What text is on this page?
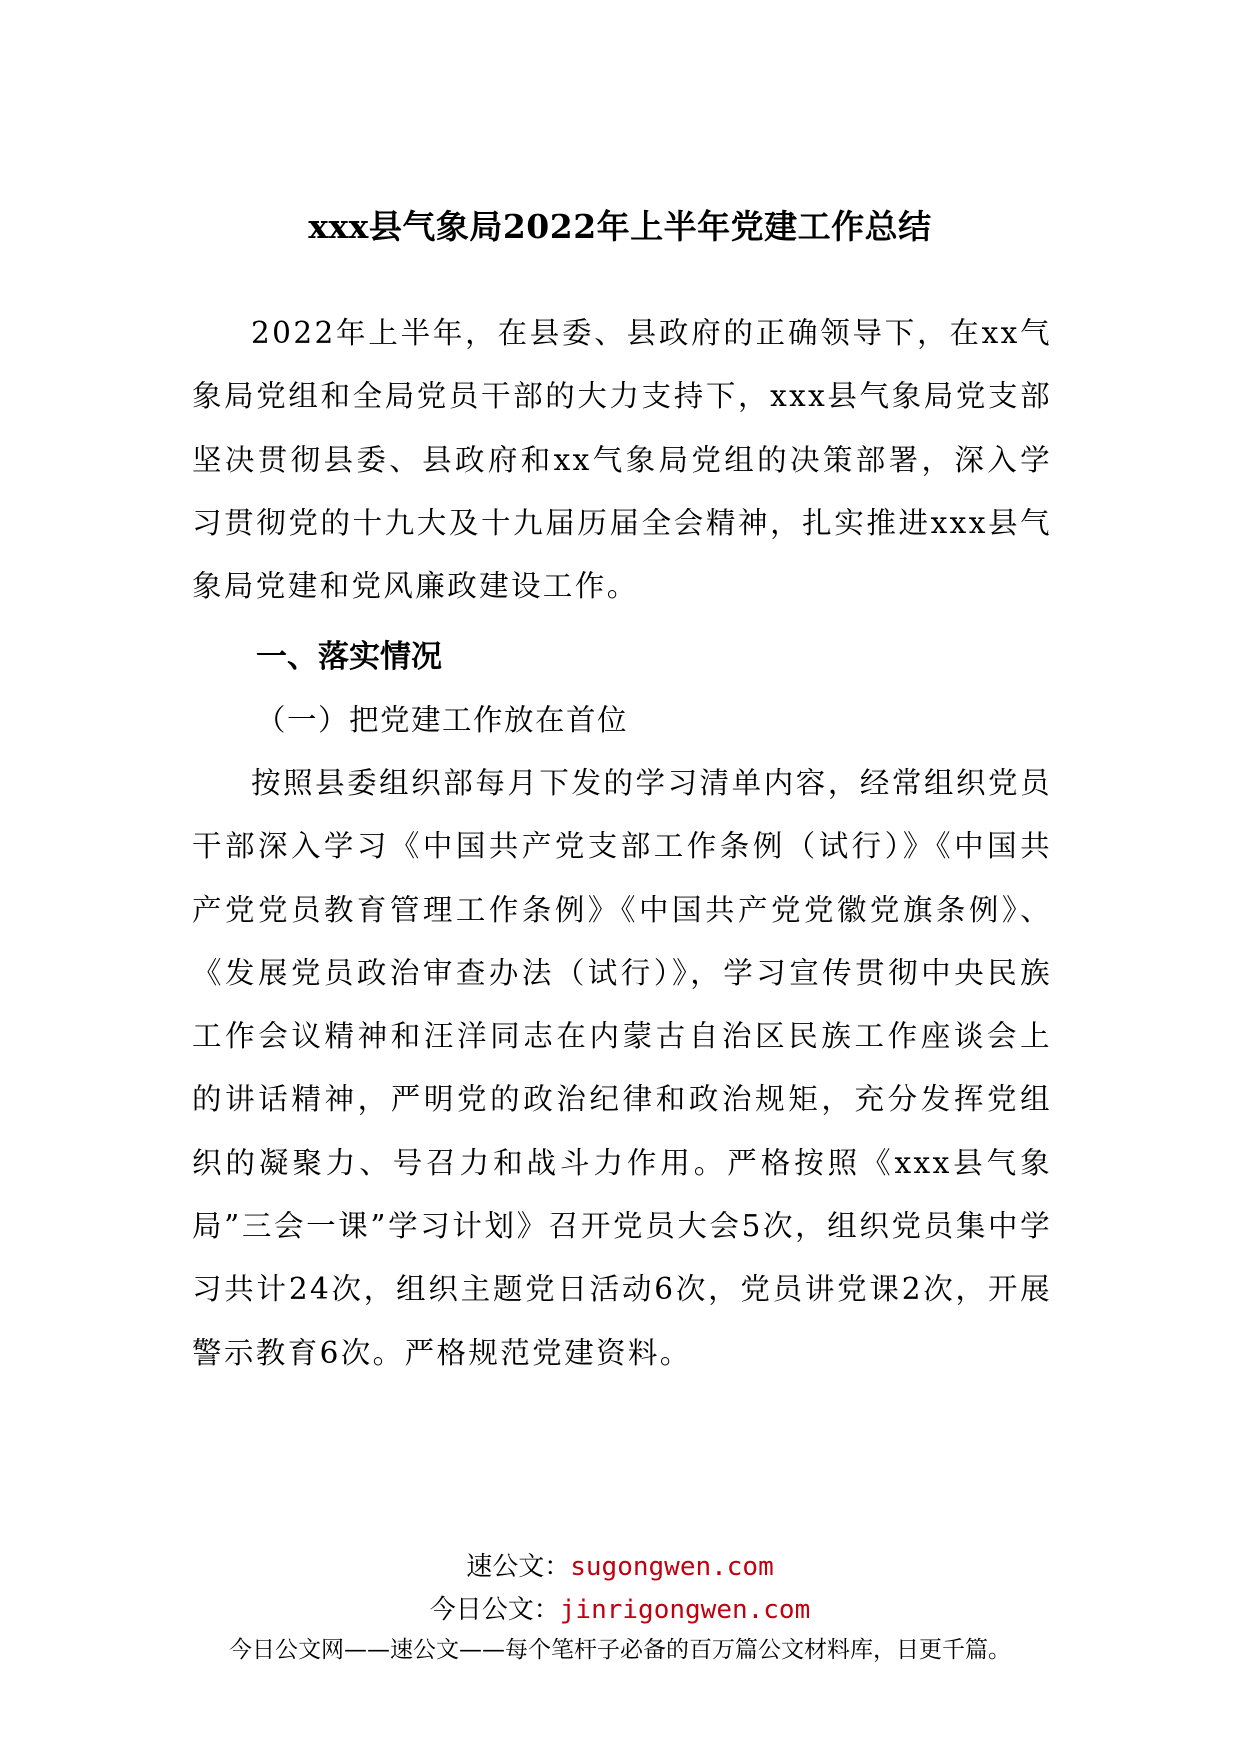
xxx县气象局2022年上半年党建工作总结

2022年上半年，在县委、县政府的正确领导下，在xx气象局党组和全局党员干部的大力支持下，xxx县气象局党支部坚决贯彻县委、县政府和xx气象局党组的决策部署，深入学习贯彻党的十九大及十九届历届全会精神，扎实推进xxx县气象局党建和党风廉政建设工作。

一、落实情况
（一）把党建工作放在首位

按照县委组织部每月下发的学习清单内容，经常组织党员干部深入学习《中国共产党支部工作条例（试行）》《中国共产党党员教育管理工作条例》《中国共产党党徽党旗条例》、《发展党员政治审查办法（试行）》，学习宣传贯彻中央民族工作会议精神和汪洋同志在内蒙古自治区民族工作座谈会上的讲话精神，严明党的政治纪律和政治规矩，充分发挥党组织的凝聚力、号召力和战斗力作用。严格按照《xxx县气象局”三会一课”学习计划》召开党员大会5次，组织党员集中学习共计24次，组织主题党日活动6次，党员讲党课2次，开展警示教育6次。严格规范党建资料。

速公文：sugongwen.com
今日公文：jinrigongwen.com
今日公文网——速公文——每个笔杆子必备的百万篇公文材料库，日更千篇。
